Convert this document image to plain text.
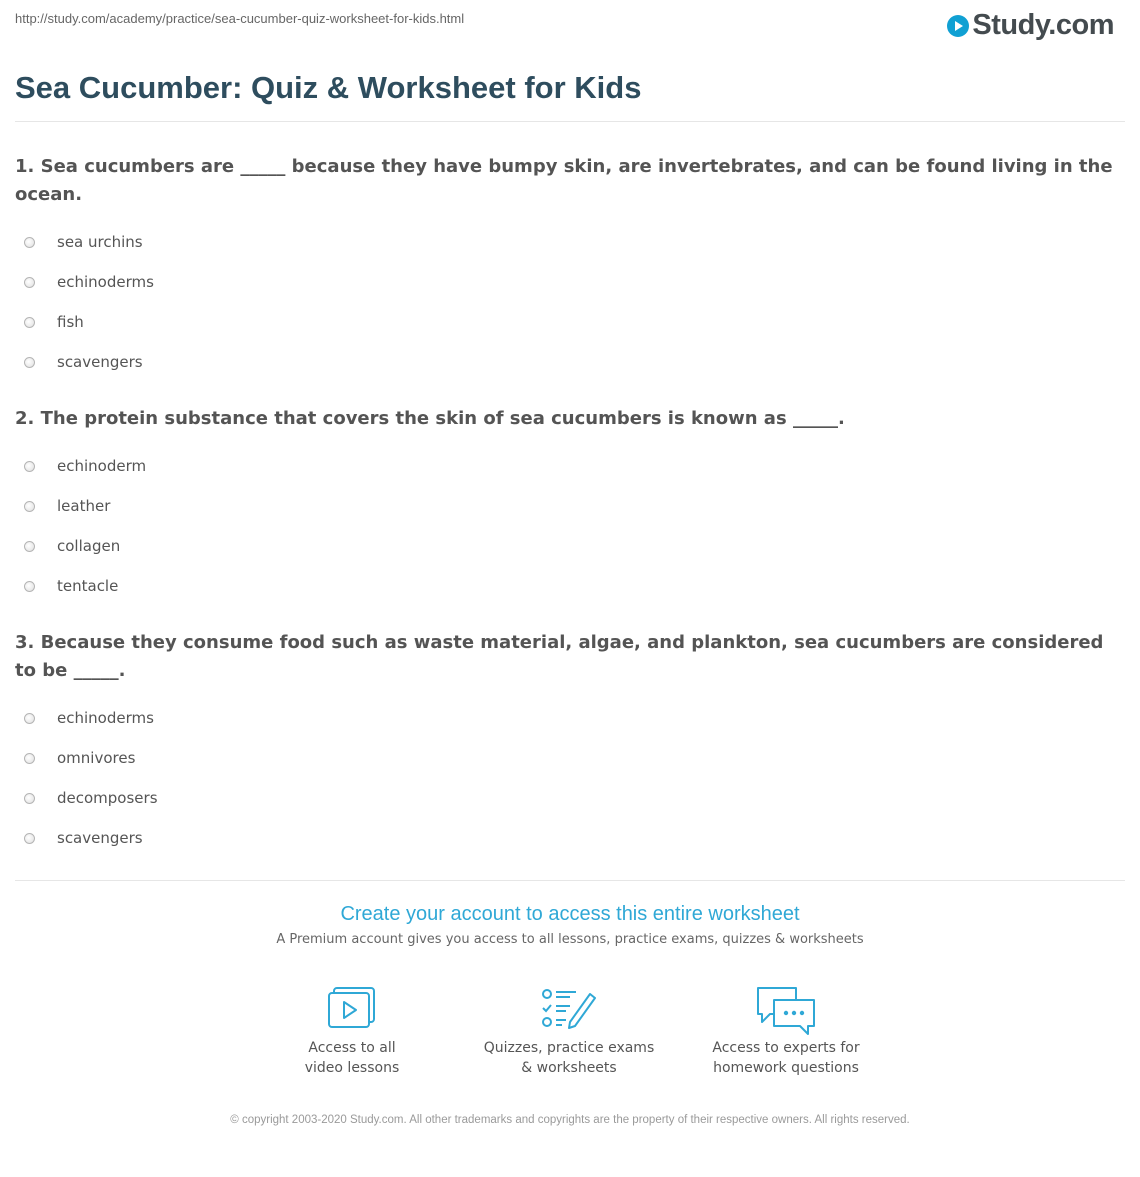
http://study.com/academy/practice/sea-cucumber-quiz-worksheet-for-kids.html	Study.com
Sea Cucumber: Quiz & Worksheet for Kids
1. Sea cucumbers are _____ because they have bumpy skin, are invertebrates, and can be found living in the ocean.
sea urchins
echinoderms
fish
scavengers
2. The protein substance that covers the skin of sea cucumbers is known as _____.
echinoderm
leather
collagen
tentacle
3. Because they consume food such as waste material, algae, and plankton, sea cucumbers are considered to be _____.
echinoderms
omnivores
decomposers
scavengers
Create your account to access this entire worksheet
A Premium account gives you access to all lessons, practice exams, quizzes & worksheets
Access to all
video lessons
Quizzes, practice exams
& worksheets
Access to experts for
homework questions
© copyright 2003-2020 Study.com. All other trademarks and copyrights are the property of their respective owners. All rights reserved.
